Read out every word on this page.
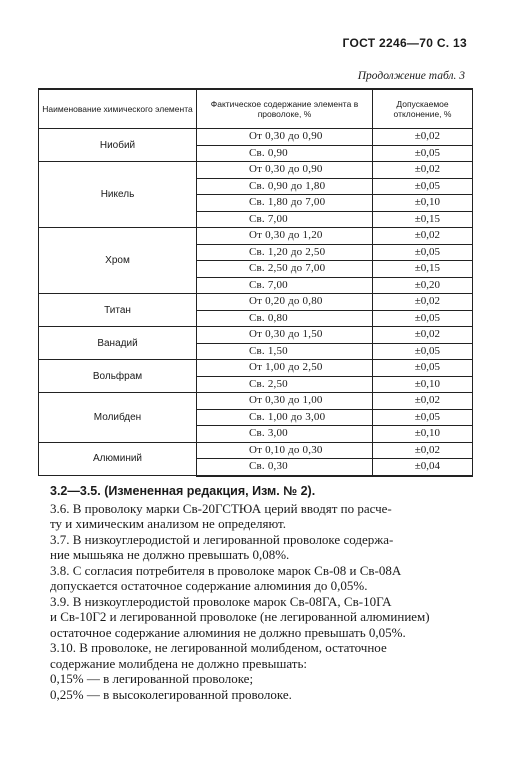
ГОСТ 2246—70 С. 13
Продолжение табл. 3
Наименование химического элемента	Фактическое содержание элемента в проволоке, %	Допускаемое отклонение, %
Ниобий	От 0,30 до 0,90	±0,02
	Св. 0,90	±0,05
Никель	От 0,30 до 0,90	±0,02
	Св. 0,90 до 1,80	±0,05
	Св. 1,80 до 7,00	±0,10
	Св. 7,00	±0,15
Хром	От 0,30 до 1,20	±0,02
	Св. 1,20 до 2,50	±0,05
	Св. 2,50 до 7,00	±0,15
	Св. 7,00	±0,20
Титан	От 0,20 до 0,80	±0,02
	Св. 0,80	±0,05
Ванадий	От 0,30 до 1,50	±0,02
	Св. 1,50	±0,05
Вольфрам	От 1,00 до 2,50	±0,05
	Св. 2,50	±0,10
Молибден	От 0,30 до 1,00	±0,02
	Св. 1,00 до 3,00	±0,05
	Св. 3,00	±0,10
Алюминий	От 0,10 до 0,30	±0,02
	Св. 0,30	±0,04

3.2—3.5. (Измененная редакция, Изм. № 2).

3.6. В проволоку марки Св-20ГСТЮА церий вводят по расче-
ту и химическим анализом не определяют.

3.7. В низкоуглеродистой и легированной проволоке содержа-
ние мышьяка не должно превышать 0,08%.

3.8. С согласия потребителя в проволоке марок Св-08 и Св-08А
допускается остаточное содержание алюминия до 0,05%.

3.9. В низкоуглеродистой проволоке марок Св-08ГА, Св-10ГА
и Св-10Г2 и легированной проволоке (не легированной алюминием)
остаточное содержание алюминия не должно превышать 0,05%.

3.10. В проволоке, не легированной молибденом, остаточное
содержание молибдена не должно превышать:

0,15% — в легированной проволоке;

0,25% — в высоколегированной проволоке.
